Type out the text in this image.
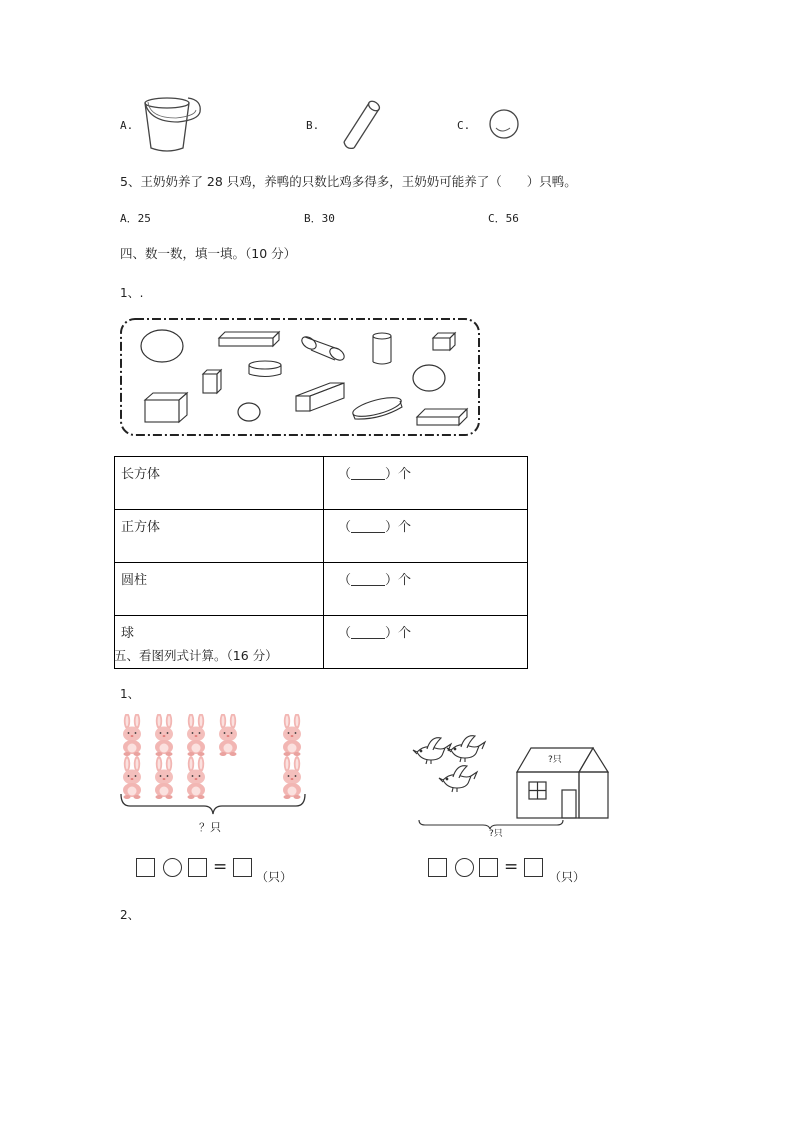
A.	B.	C.
5、王奶奶养了 28 只鸡，养鸭的只数比鸡多得多，王奶奶可能养了（　　）只鸭。
A．25	B．30	C．56
四、数一数，填一填。（10 分）
1、.
长方体	（ ）个
正方体	（ ）个
圆柱	（ ）个
球	（ ）个
五、看图列式计算。（16 分）
1、
？只
?只
?只
= （只）	=	（只）
2、
